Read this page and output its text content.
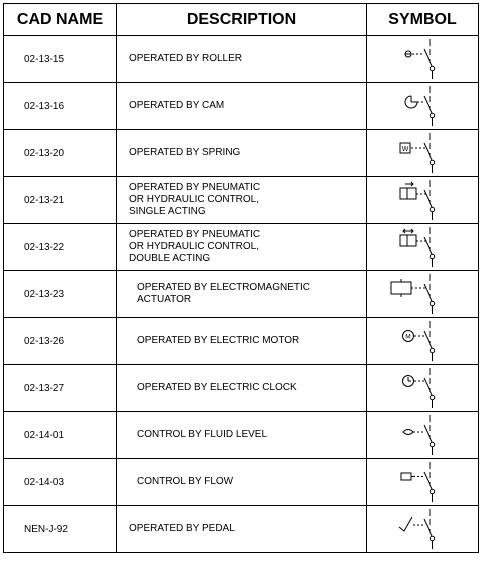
CAD NAME	DESCRIPTION	SYMBOL
02-13-15	OPERATED BY ROLLER	

02-13-16	OPERATED BY CAM	

02-13-20	OPERATED BY SPRING	W

02-13-21	OPERATED BY PNEUMATIC
OR HYDRAULIC CONTROL,
SINGLE ACTING	

02-13-22	OPERATED BY PNEUMATIC
OR HYDRAULIC CONTROL,
DOUBLE ACTING	

02-13-23	OPERATED BY ELECTROMAGNETIC
ACTUATOR	

02-13-26	OPERATED BY ELECTRIC MOTOR	M

02-13-27	OPERATED BY ELECTRIC CLOCK	

02-14-01	CONTROL BY FLUID LEVEL	

02-14-03	CONTROL BY FLOW	

NEN-J-92	OPERATED BY PEDAL	
